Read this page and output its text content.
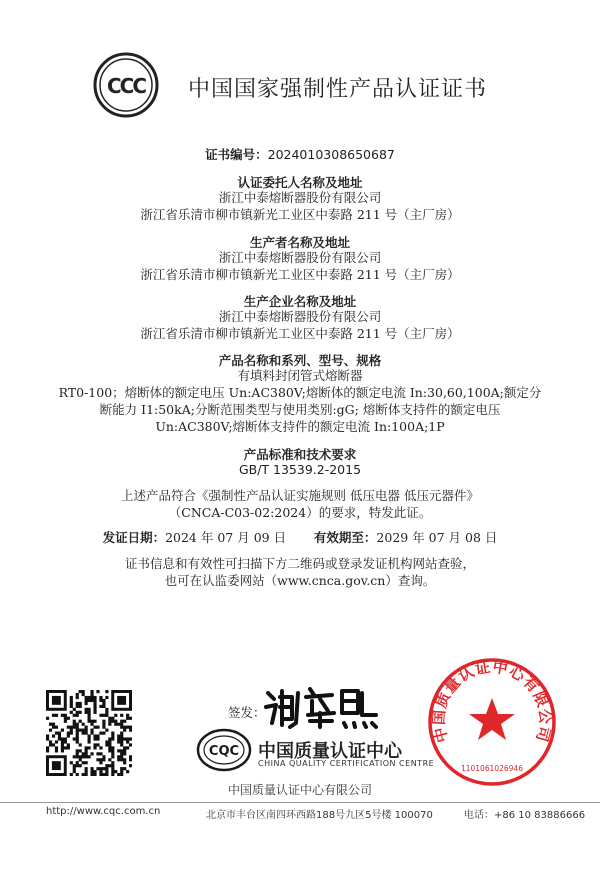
CCC 中国国家强制性产品认证证书
证书编号：2024010308650687
认证委托人名称及地址
浙江中泰熔断器股份有限公司
浙江省乐清市柳市镇新光工业区中泰路 211 号（主厂房）
生产者名称及地址
浙江中泰熔断器股份有限公司
浙江省乐清市柳市镇新光工业区中泰路 211 号（主厂房）
生产企业名称及地址
浙江中泰熔断器股份有限公司
浙江省乐清市柳市镇新光工业区中泰路 211 号（主厂房）
产品名称和系列、型号、规格
有填料封闭管式熔断器
RT0-100；熔断体的额定电压 Un:AC380V;熔断体的额定电流 In:30,60,100A;额定分
断能力 I1:50kA;分断范围类型与使用类别:gG; 熔断体支持件的额定电压
Un:AC380V;熔断体支持件的额定电流 In:100A;1P
产品标准和技术要求
GB/T 13539.2-2015
上述产品符合《强制性产品认证实施规则 低压电器 低压元器件》
（CNCA-C03-02:2024）的要求，特发此证。
发证日期：2024 年 07 月 09 日 有效期至：2029 年 07 月 08 日
证书信息和有效性可扫描下方二维码或登录发证机构网站查验，
也可在认监委网站（www.cnca.gov.cn）查询。
签发：
CQC 中国质量认证中心
CHINA QUALITY CERTIFICATION CENTRE
中国质量认证中心有限公司
1101061026946
中国质量认证中心有限公司
http://www.cqc.com.cn	北京市丰台区南四环西路188号九区5号楼 100070	电话：+86 10 83886666
